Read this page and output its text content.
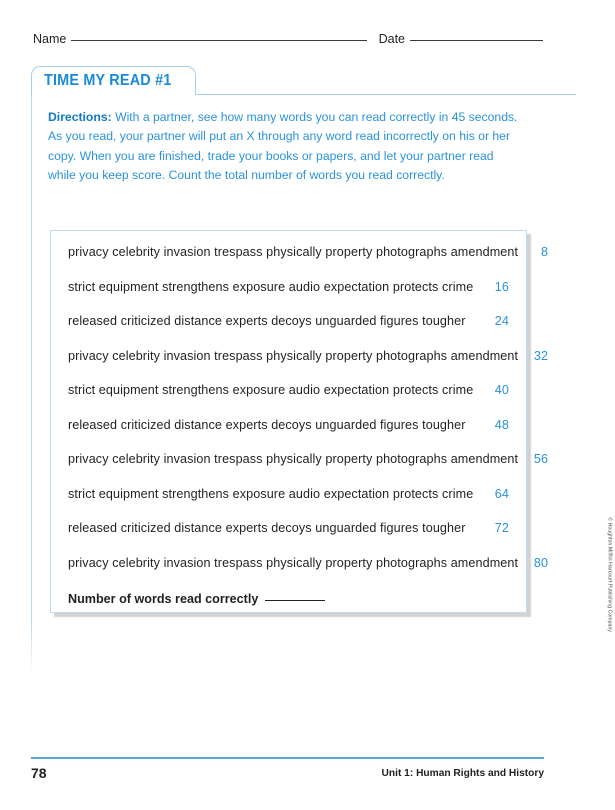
Name	Date
TIME MY READ #1
Directions: With a partner, see how many words you can read correctly in 45 seconds. As you read, your partner will put an X through any word read incorrectly on his or her copy. When you are finished, trade your books or papers, and let your partner read while you keep score. Count the total number of words you read correctly.
privacy celebrity invasion trespass physically property photographs amendment	8
strict equipment strengthens exposure audio expectation protects crime	16
released criticized distance experts decoys unguarded figures tougher	24
privacy celebrity invasion trespass physically property photographs amendment	32
strict equipment strengthens exposure audio expectation protects crime	40
released criticized distance experts decoys unguarded figures tougher	48
privacy celebrity invasion trespass physically property photographs amendment	56
strict equipment strengthens exposure audio expectation protects crime	64
released criticized distance experts decoys unguarded figures tougher	72
privacy celebrity invasion trespass physically property photographs amendment	80
Number of words read correctly
78	Unit 1: Human Rights and History
© Houghton Mifflin Harcourt Publishing Company
